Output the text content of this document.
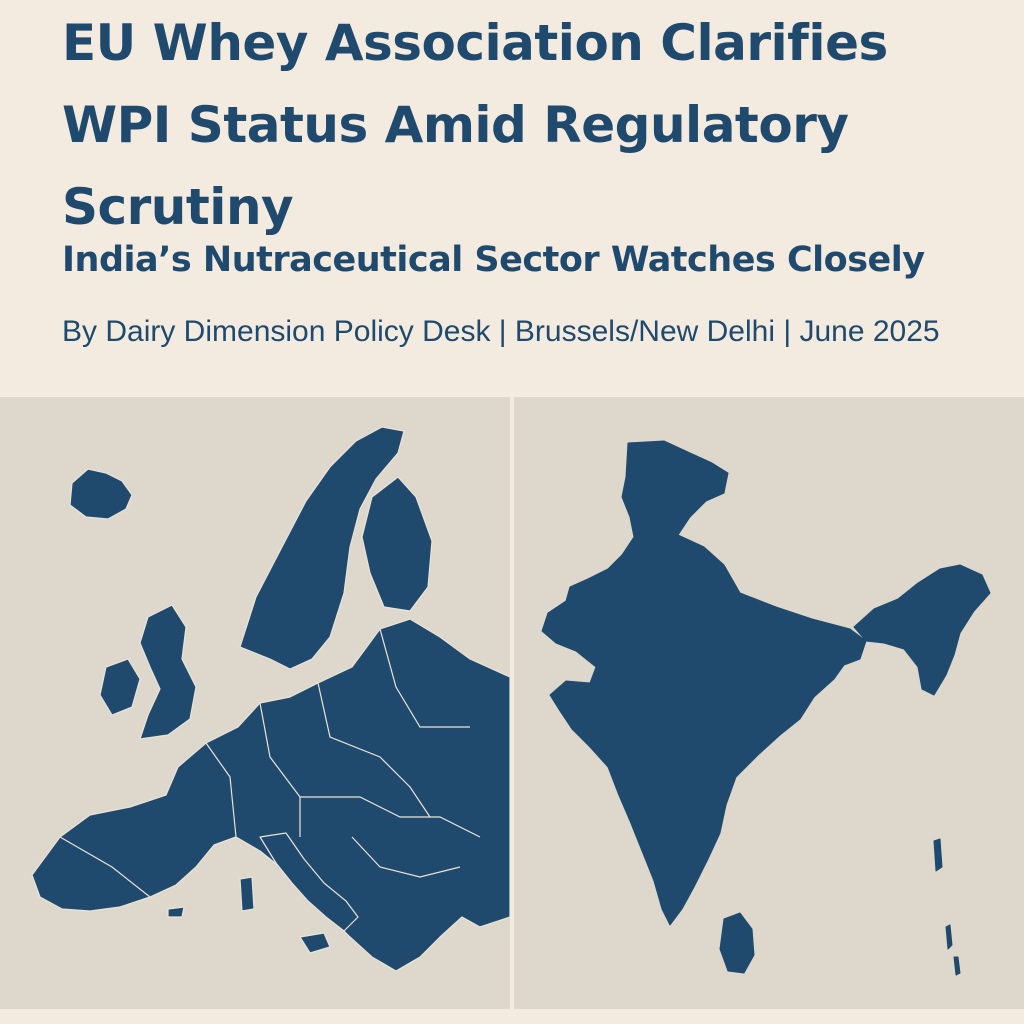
EU Whey Association Clarifies WPI Status Amid Regulatory Scrutiny
India’s Nutraceutical Sector Watches Closely

By Dairy Dimension Policy Desk | Brussels/New Delhi | June 2025
